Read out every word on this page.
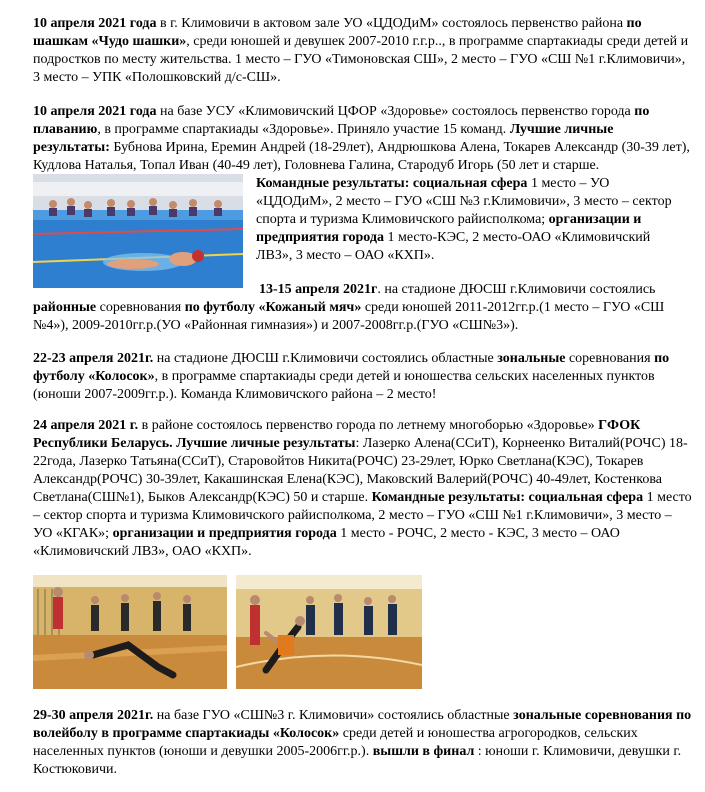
10 апреля 2021 года в г. Климовичи в актовом зале УО «ЦДОДиМ» состоялось первенство района по шашкам «Чудо шашки», среди юношей и девушек 2007-2010 г.г.р.., в программе спартакиады среди детей и подростков по месту жительства. 1 место – ГУО «Тимоновская СШ», 2 место – ГУО «СШ №1 г.Климовичи», 3 место – УПК «Полошковский д/с-СШ».

10 апреля 2021 года на базе УСУ «Климовичский ЦФОР «Здоровье» состоялось первенство города по плаванию, в программе спартакиады «Здоровье». Приняло участие 15 команд. Лучшие личные результаты: Бубнова Ирина, Еремин Андрей (18-29лет), Андрюшкова Алена, Токарев Александр (30-39 лет), Кудлова Наталья, Топал Иван (40-49 лет), Головнева Галина, Стародуб Игорь (50 лет и старше.

Командные результаты: социальная сфера 1 место – УО «ЦДОДиМ», 2 место – ГУО «СШ №3 г.Климовичи», 3 место – сектор спорта и туризма Климовичского райисполкома; организации и предприятия города 1 место-КЭС, 2 место-ОАО «Климовичский ЛВЗ», 3 место – ОАО «КХП».

13-15 апреля 2021г. на стадионе ДЮСШ г.Климовичи состоялись районные соревнования по футболу «Кожаный мяч» среди юношей 2011-2012гг.р.(1 место – ГУО «СШ №4»), 2009-2010гг.р.(УО «Районная гимназия») и 2007-2008гг.р.(ГУО «СШ№3»).

22-23 апреля 2021г. на стадионе ДЮСШ г.Климовичи состоялись областные зональные соревнования по футболу «Колосок», в программе спартакиады среди детей и юношества сельских населенных пунктов (юноши 2007-2009гг.р.). Команда Климовичского района – 2 место!

24 апреля 2021 г. в районе состоялось первенство города по летнему многоборью «Здоровье» ГФОК Республики Беларусь. Лучшие личные результаты: Лазерко Алена(ССиТ), Корнеенко Виталий(РОЧС) 18-22года, Лазерко Татьяна(ССиТ), Старовойтов Никита(РОЧС) 23-29лет, Юрко Светлана(КЭС), Токарев Александр(РОЧС) 30-39лет, Какашинская Елена(КЭС), Маковский Валерий(РОЧС) 40-49лет, Костенкова Светлана(СШ№1), Быков Александр(КЭС) 50 и старше. Командные результаты: социальная сфера 1 место – сектор спорта и туризма Климовичского райисполкома, 2 место – ГУО «СШ №1 г.Климовичи», 3 место – УО «КГАК»; организации и предприятия города 1 место - РОЧС, 2 место - КЭС, 3 место – ОАО «Климовичский ЛВЗ», ОАО «КХП».

29-30 апреля 2021г. на базе ГУО «СШ№3 г. Климовичи» состоялись областные зональные соревнования по волейболу в программе спартакиады «Колосок» среди детей и юношества агрогородков, сельских населенных пунктов (юноши и девушки 2005-2006гг.р.). вышли в финал : юноши г. Климовичи, девушки г. Костюковичи.
